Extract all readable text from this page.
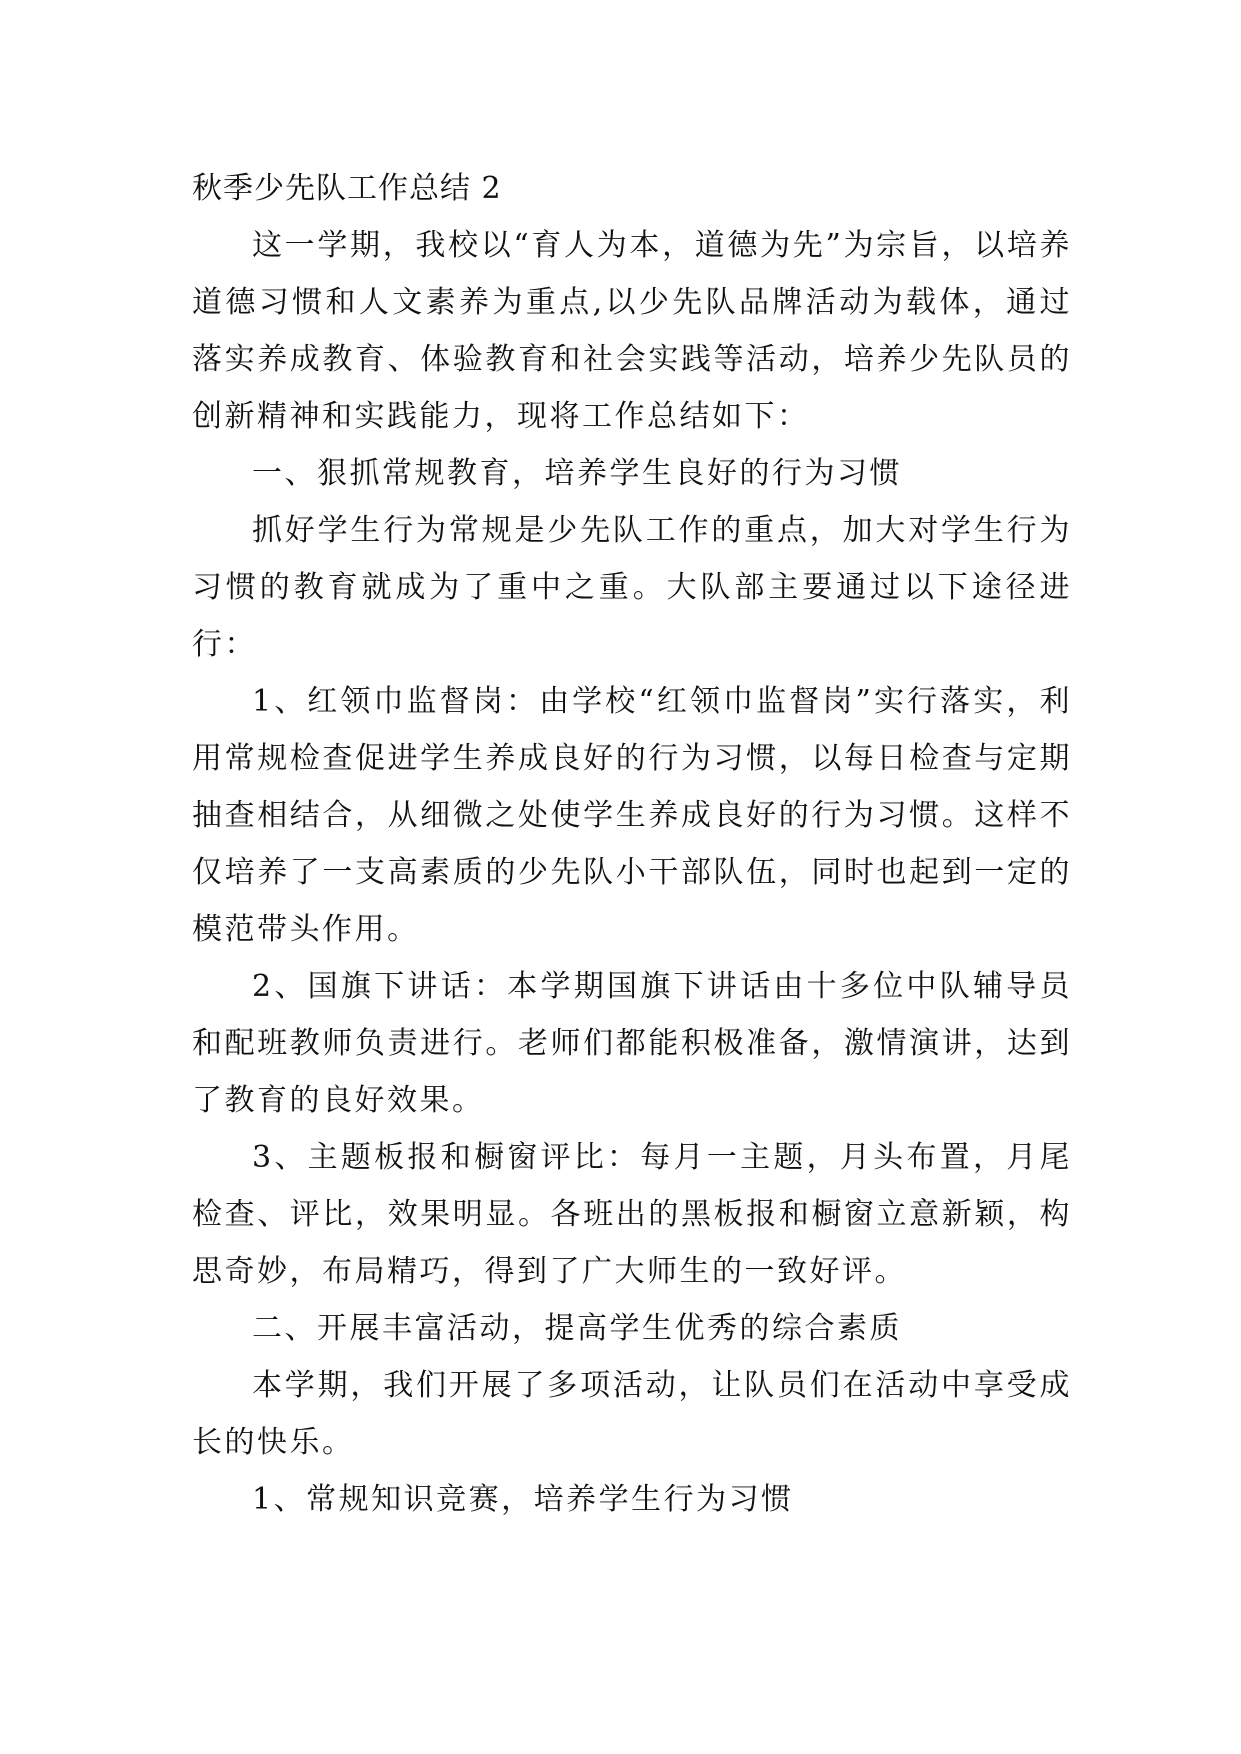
秋季少先队工作总结 2

这一学期，我校以“育人为本，道德为先”为宗旨，以培养道德习惯和人文素养为重点,以少先队品牌活动为载体，通过落实养成教育、体验教育和社会实践等活动，培养少先队员的创新精神和实践能力，现将工作总结如下：

一、狠抓常规教育，培养学生良好的行为习惯

抓好学生行为常规是少先队工作的重点，加大对学生行为习惯的教育就成为了重中之重。大队部主要通过以下途径进行：

1、红领巾监督岗：由学校“红领巾监督岗”实行落实，利用常规检查促进学生养成良好的行为习惯，以每日检查与定期抽查相结合，从细微之处使学生养成良好的行为习惯。这样不仅培养了一支高素质的少先队小干部队伍，同时也起到一定的模范带头作用。

2、国旗下讲话：本学期国旗下讲话由十多位中队辅导员和配班教师负责进行。老师们都能积极准备，激情演讲，达到了教育的良好效果。

3、主题板报和橱窗评比：每月一主题，月头布置，月尾检查、评比，效果明显。各班出的黑板报和橱窗立意新颖，构思奇妙，布局精巧，得到了广大师生的一致好评。

二、开展丰富活动，提高学生优秀的综合素质

本学期，我们开展了多项活动，让队员们在活动中享受成长的快乐。

1、常规知识竞赛，培养学生行为习惯
